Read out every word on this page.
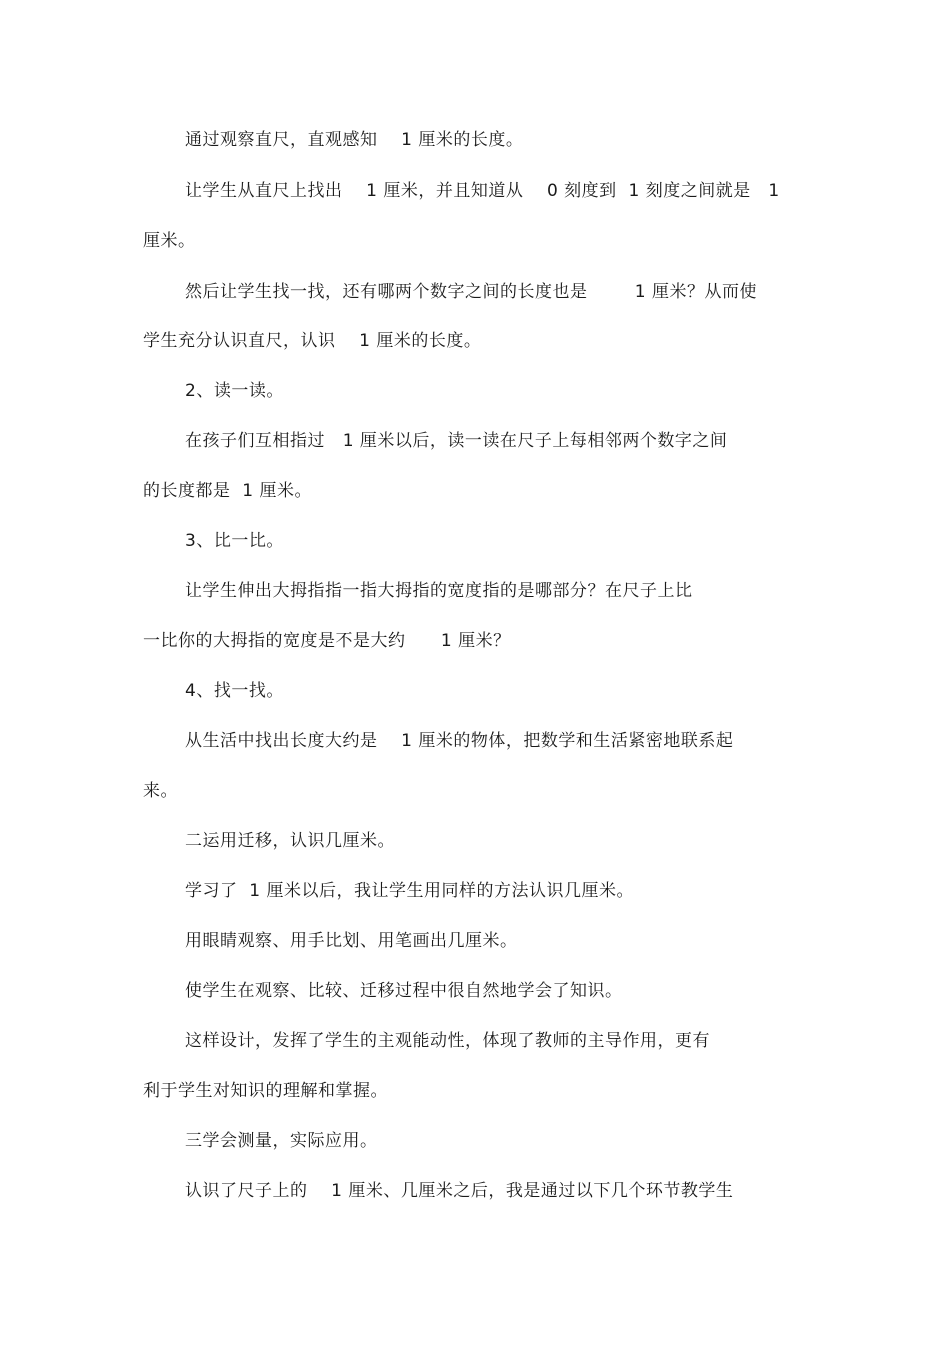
通过观察直尺，直观感知    1 厘米的长度。
让学生从直尺上找出    1 厘米，并且知道从    0 刻度到  1 刻度之间就是   1
厘米。
然后让学生找一找，还有哪两个数字之间的长度也是        1 厘米？从而使
学生充分认识直尺，认识    1 厘米的长度。
2、读一读。
在孩子们互相指过   1 厘米以后，读一读在尺子上每相邻两个数字之间
的长度都是  1 厘米。
3、比一比。
让学生伸出大拇指指一指大拇指的宽度指的是哪部分？在尺子上比
一比你的大拇指的宽度是不是大约      1 厘米？
4、找一找。
从生活中找出长度大约是    1 厘米的物体，把数学和生活紧密地联系起
来。
二运用迁移，认识几厘米。
学习了  1 厘米以后，我让学生用同样的方法认识几厘米。
用眼睛观察、用手比划、用笔画出几厘米。
使学生在观察、比较、迁移过程中很自然地学会了知识。
这样设计，发挥了学生的主观能动性，体现了教师的主导作用，更有
利于学生对知识的理解和掌握。
三学会测量，实际应用。
认识了尺子上的    1 厘米、几厘米之后，我是通过以下几个环节教学生
